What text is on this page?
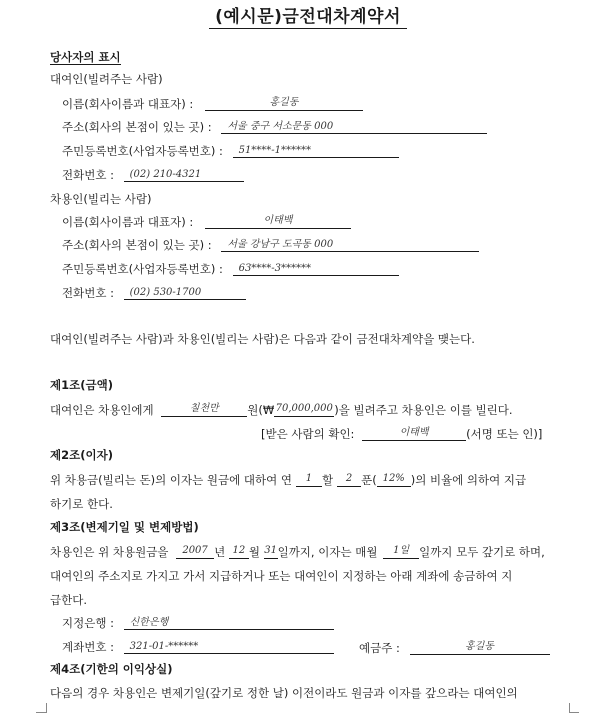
(예시문)금전대차계약서
당사자의 표시
대여인(빌려주는 사람)
이름(회사이름과 대표자) :	홍길동
주소(회사의 본점이 있는 곳) : 서울 중구 서소문동 000
주민등록번호(사업자등록번호) : 51****-1******
전화번호 : (02) 210-4321
차용인(빌리는 사람)
이름(회사이름과 대표자) :	이태백
주소(회사의 본점이 있는 곳) : 서울 강남구 도곡동 000
주민등록번호(사업자등록번호) : 63****-3******
전화번호 : (02) 530-1700
대여인(빌려주는 사람)과 차용인(빌리는 사람)은 다음과 같이 금전대차계약을 맺는다.
제1조(금액)
대여인은 차용인에게	칠천만 원(₩70,000,000)을 빌려주고 차용인은 이를 빌린다.
[받은 사람의 확인:	이태백	(서명 또는 인)]
제2조(이자)
위 차용금(빌리는 돈)의 이자는 원금에 대하여 연 1 할 2 푼( 12% )의 비율에 의하여 지급
하기로 한다.
제3조(변제기일 및 변제방법)
차용인은 위 차용원금을 2007 년 12 월 31일까지, 이자는 매월 1일 일까지 모두 갚기로 하며,
대여인의 주소지로 가지고 가서 지급하거나 또는 대여인이 지정하는 아래 계좌에 송금하여 지
급한다.
지정은행 : 신한은행
계좌번호 : 321-01-******	예금주 :	홍길동
제4조(기한의 이익상실)
다음의 경우 차용인은 변제기일(갚기로 정한 날) 이전이라도 원금과 이자를 갚으라는 대여인의
